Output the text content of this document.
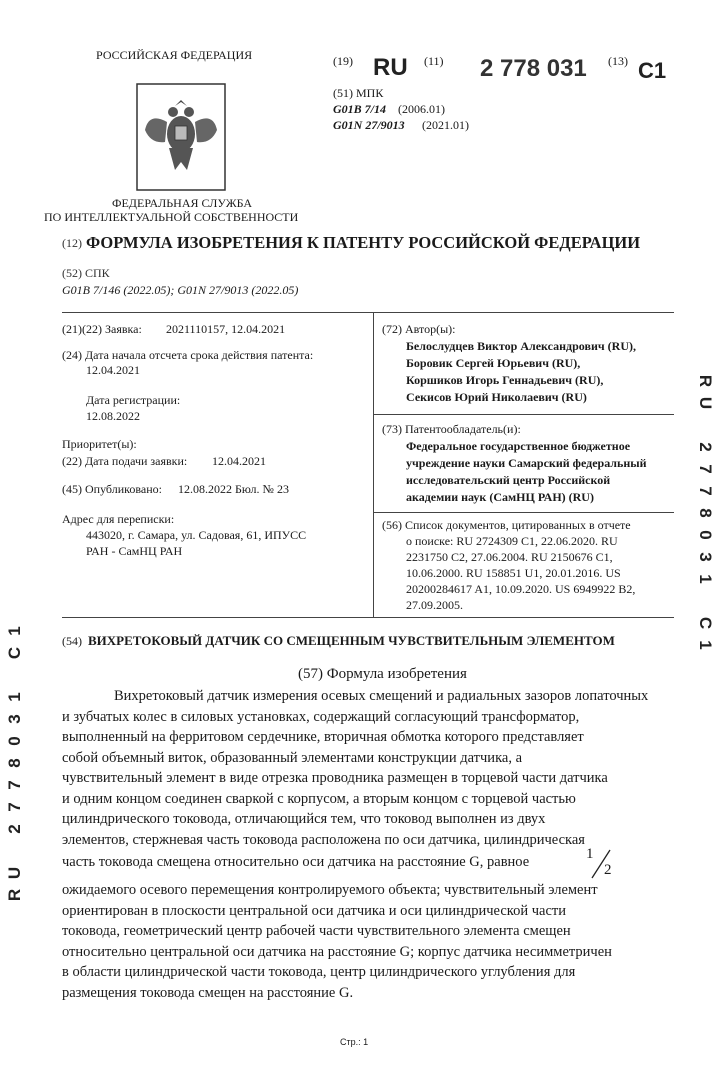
РОССИЙСКАЯ ФЕДЕРАЦИЯ
ФЕДЕРАЛЬНАЯ СЛУЖБА
ПО ИНТЕЛЛЕКТУАЛЬНОЙ СОБСТВЕННОСТИ
(19) RU (11) 2 778 031 (13) C1
(51) МПК
G01B 7/14 (2006.01)
G01N 27/9013 (2021.01)
(12) ФОРМУЛА ИЗОБРЕТЕНИЯ К ПАТЕНТУ РОССИЙСКОЙ ФЕДЕРАЦИИ
(52) СПК
G01B 7/146 (2022.05); G01N 27/9013 (2022.05)
(21)(22) Заявка: 2021110157, 12.04.2021
(24) Дата начала отсчета срока действия патента:
12.04.2021
Дата регистрации:
12.08.2022
Приоритет(ы):
(22) Дата подачи заявки: 12.04.2021
(45) Опубликовано: 12.08.2022 Бюл. № 23
Адрес для переписки:
443020, г. Самара, ул. Садовая, 61, ИПУСС
РАН - СамНЦ РАН
(72) Автор(ы):
Белослудцев Виктор Александрович (RU),
Боровик Сергей Юрьевич (RU),
Коршиков Игорь Геннадьевич (RU),
Секисов Юрий Николаевич (RU)
(73) Патентообладатель(и):
Федеральное государственное бюджетное
учреждение науки Самарский федеральный
исследовательский центр Российской
академии наук (СамНЦ РАН) (RU)
(56) Список документов, цитированных в отчете
о поиске: RU 2724309 C1, 22.06.2020. RU
2231750 C2, 27.06.2004. RU 2150676 C1,
10.06.2000. RU 158851 U1, 20.01.2016. US
20200284617 A1, 10.09.2020. US 6949922 B2,
27.09.2005.
R
U
2
7
7
8
0
3
1
C
1
1
C
1
3
0
8
7
7
2
U
R
(54) ВИХРЕТОКОВЫЙ ДАТЧИК СО СМЕЩЕННЫМ ЧУВСТВИТЕЛЬНЫМ ЭЛЕМЕНТОМ
(57) Формула изобретения
Вихретоковый датчик измерения осевых смещений и радиальных зазоров лопаточных
и зубчатых колес в силовых установках, содержащий согласующий трансформатор,
выполненный на ферритовом сердечнике, вторичная обмотка которого представляет
собой объемный виток, образованный элементами конструкции датчика, а
чувствительный элемент в виде отрезка проводника размещен в торцевой части датчика
и одним концом соединен сваркой с корпусом, а вторым концом с торцевой частью
цилиндрического токовода, отличающийся тем, что токовод выполнен из двух
элементов, стержневая часть токовода расположена по оси датчика, цилиндрическая
часть токовода смещена относительно оси датчика на расстояние G, равное	1
2
ожидаемого осевого перемещения контролируемого объекта; чувствительный элемент
ориентирован в плоскости центральной оси датчика и оси цилиндрической части
токовода, геометрический центр рабочей части чувствительного элемента смещен
относительно центральной оси датчика на расстояние G; корпус датчика несимметричен
в области цилиндрической части токовода, центр цилиндрического углубления для
размещения токовода смещен на расстояние G.
Стр.: 1
